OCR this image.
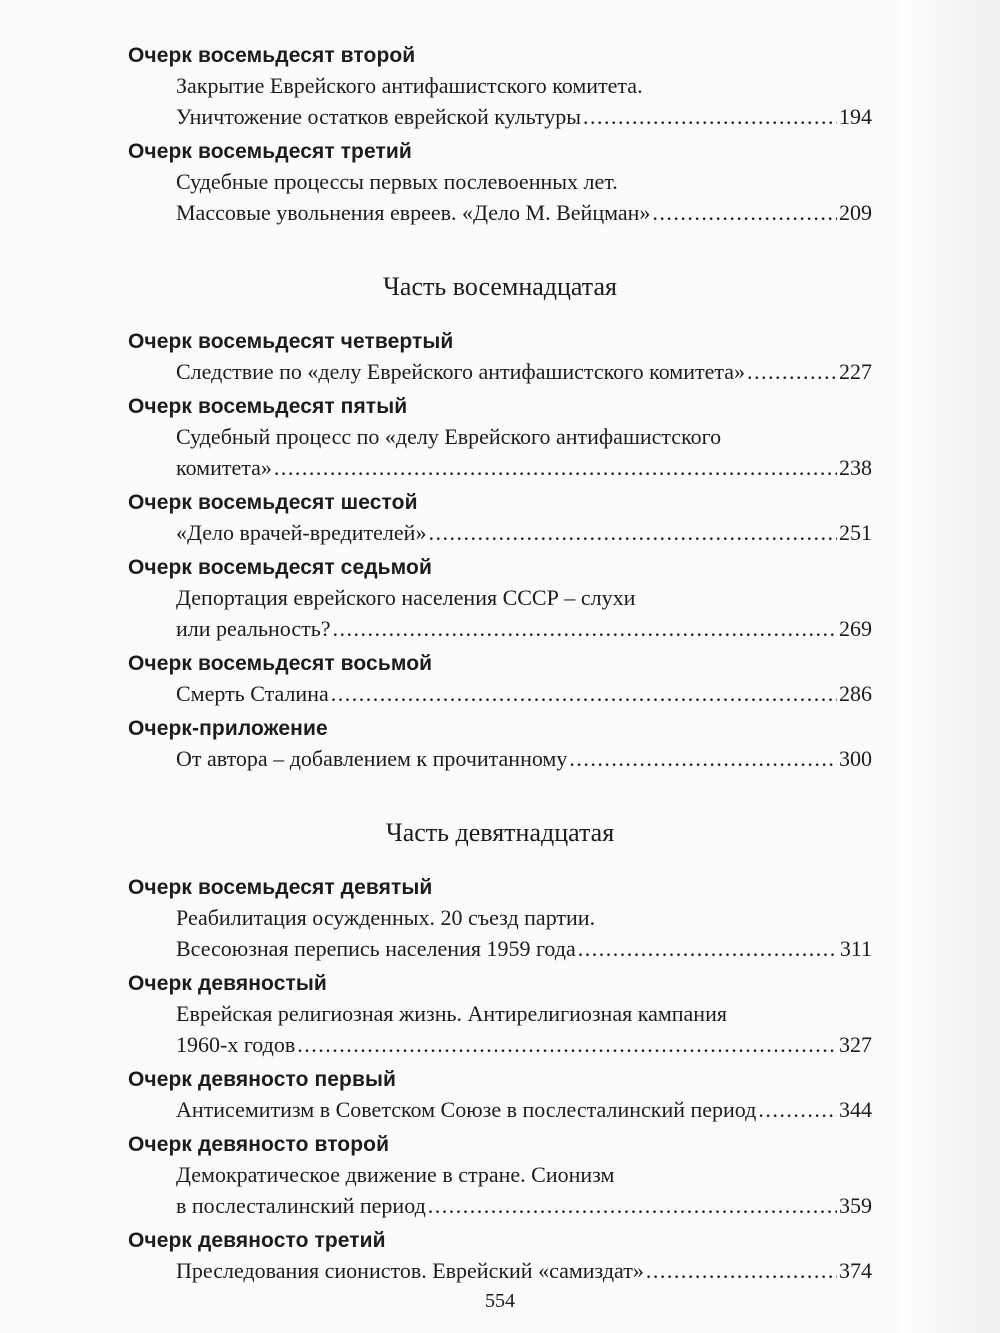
Очерк восемьдесят второй
Закрытие Еврейского антифашистского комитета.
Уничтожение остатков еврейской культуры . . .	194
Очерк восемьдесят третий
Судебные процессы первых послевоенных лет.
Массовые увольнения евреев. «Дело М. Вейцман» . . .	209
Часть восемнадцатая
Очерк восемьдесят четвертый
Следствие по «делу Еврейского антифашистского комитета» . . .	227
Очерк восемьдесят пятый
Судебный процесс по «делу Еврейского антифашистского
комитета» . . .	238
Очерк восемьдесят шестой
«Дело врачей-вредителей» . . .	251
Очерк восемьдесят седьмой
Депортация еврейского населения СССР – слухи
или реальность? . . .	269
Очерк восемьдесят восьмой
Смерть Сталина . . .	286
Очерк-приложение
От автора – добавлением к прочитанному . . .	300
Часть девятнадцатая
Очерк восемьдесят девятый
Реабилитация осужденных. 20 съезд партии.
Всесоюзная перепись населения 1959 года . . .	311
Очерк девяностый
Еврейская религиозная жизнь. Антирелигиозная кампания
1960-х годов . . .	327
Очерк девяносто первый
Антисемитизм в Советском Союзе в послесталинский период . . .	344
Очерк девяносто второй
Демократическое движение в стране. Сионизм
в послесталинский период . . .	359
Очерк девяносто третий
Преследования сионистов. Еврейский «самиздат» . . .	374
554
